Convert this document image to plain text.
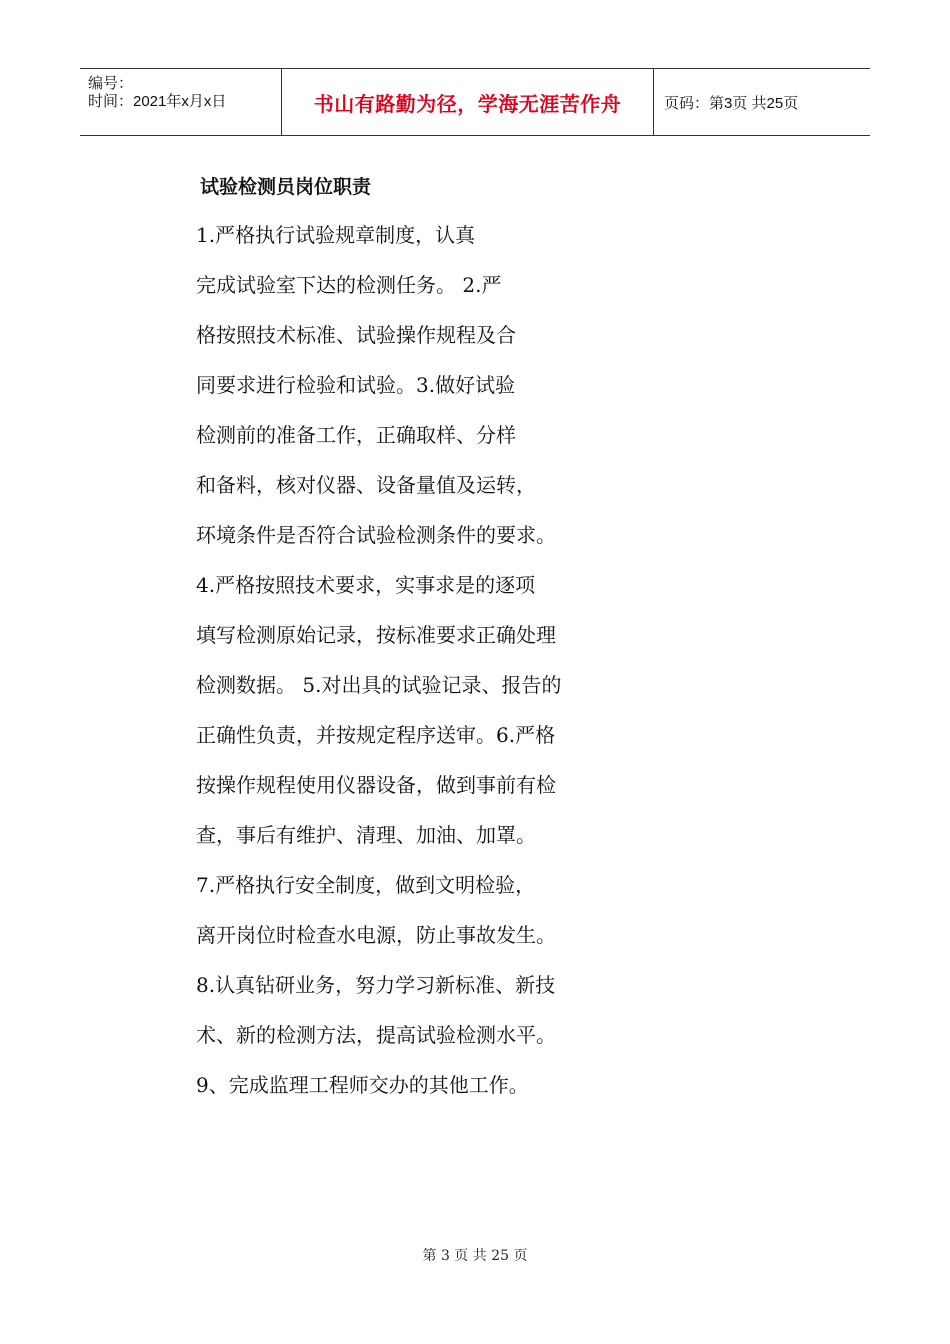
编号：
时间：2021年x月x日	书山有路勤为径，学海无涯苦作舟	页码：第3页 共25页
试验检测员岗位职责
1.严格执行试验规章制度，认真
完成试验室下达的检测任务。 2.严
格按照技术标准、试验操作规程及合
同要求进行检验和试验。3.做好试验
检测前的准备工作，正确取样、分样
和备料，核对仪器、设备量值及运转，
环境条件是否符合试验检测条件的要求。
4.严格按照技术要求，实事求是的逐项
填写检测原始记录，按标准要求正确处理
检测数据。 5.对出具的试验记录、报告的
正确性负责，并按规定程序送审。6.严格
按操作规程使用仪器设备，做到事前有检
查，事后有维护、清理、加油、加罩。
7.严格执行安全制度，做到文明检验，
离开岗位时检查水电源，防止事故发生。
8.认真钻研业务，努力学习新标准、新技
术、新的检测方法，提高试验检测水平。
9、完成监理工程师交办的其他工作。
第 3 页 共 25 页
